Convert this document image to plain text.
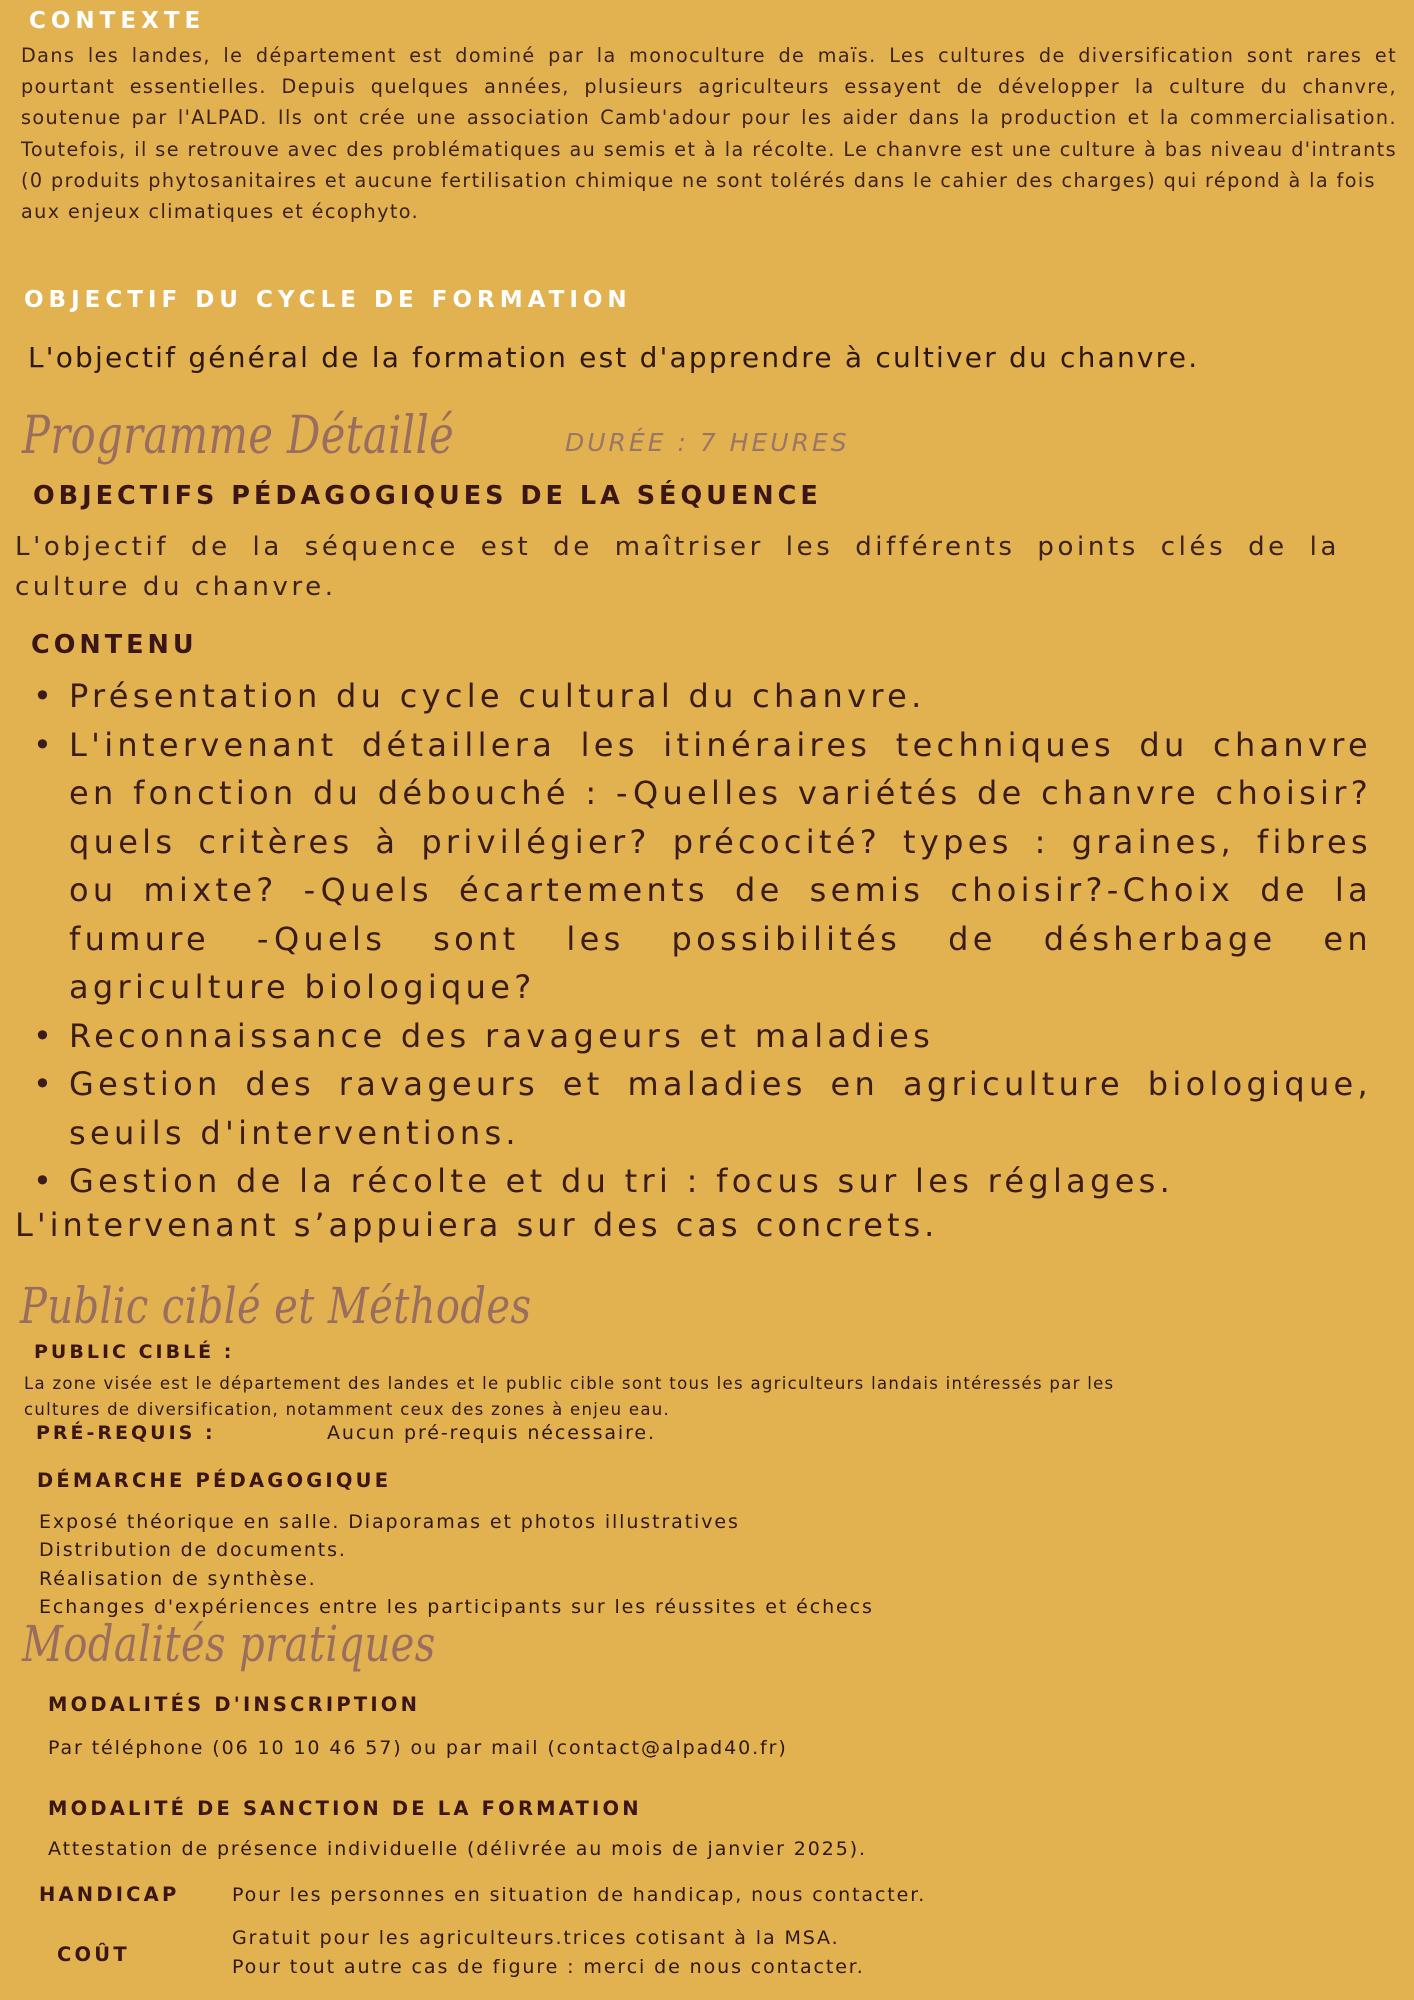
CONTEXTE
Dans les landes, le département est dominé par la monoculture de maïs. Les cultures de diversification sont rares et pourtant essentielles. Depuis quelques années, plusieurs agriculteurs essayent de développer la culture du chanvre, soutenue par l'ALPAD. Ils ont crée une association Camb'adour pour les aider dans la production et la commercialisation. Toutefois, il se retrouve avec des problématiques au semis et à la récolte. Le chanvre est une culture à bas niveau d'intrants (0 produits phytosanitaires et aucune fertilisation chimique ne sont tolérés dans le cahier des charges) qui répond à la fois
aux enjeux climatiques et écophyto.
OBJECTIF DU CYCLE DE FORMATION
L'objectif général de la formation est d'apprendre à cultiver du chanvre.
Programme Détaillé	DURÉE : 7 HEURES
OBJECTIFS PÉDAGOGIQUES DE LA SÉQUENCE
L'objectif de la séquence est de maîtriser les différents points clés de la culture du chanvre.
CONTENU
• Présentation du cycle cultural du chanvre.
• L'intervenant détaillera les itinéraires techniques du chanvre en fonction du débouché : -Quelles variétés de chanvre choisir? quels critères à privilégier? précocité? types : graines, fibres ou mixte? -Quels écartements de semis choisir?-Choix de la fumure -Quels sont les possibilités de désherbage en agriculture biologique?
• Reconnaissance des ravageurs et maladies
• Gestion des ravageurs et maladies en agriculture biologique, seuils d'interventions.
• Gestion de la récolte et du tri : focus sur les réglages.
L'intervenant s’appuiera sur des cas concrets.
Public ciblé et Méthodes
PUBLIC CIBLÉ :
La zone visée est le département des landes et le public cible sont tous les agriculteurs landais intéressés par les
cultures de diversification, notamment ceux des zones à enjeu eau.
PRÉ-REQUIS :	Aucun pré-requis nécessaire.
DÉMARCHE PÉDAGOGIQUE
Exposé théorique en salle. Diaporamas et photos illustratives
Distribution de documents.
Réalisation de synthèse.
Echanges d'expériences entre les participants sur les réussites et échecs
Modalités pratiques
MODALITÉS D'INSCRIPTION
Par téléphone (06 10 10 46 57) ou par mail (contact@alpad40.fr)
MODALITÉ DE SANCTION DE LA FORMATION
Attestation de présence individuelle (délivrée au mois de janvier 2025).
HANDICAP	Pour les personnes en situation de handicap, nous contacter.
COÛT
Gratuit pour les agriculteurs.trices cotisant à la MSA.
Pour tout autre cas de figure : merci de nous contacter.
